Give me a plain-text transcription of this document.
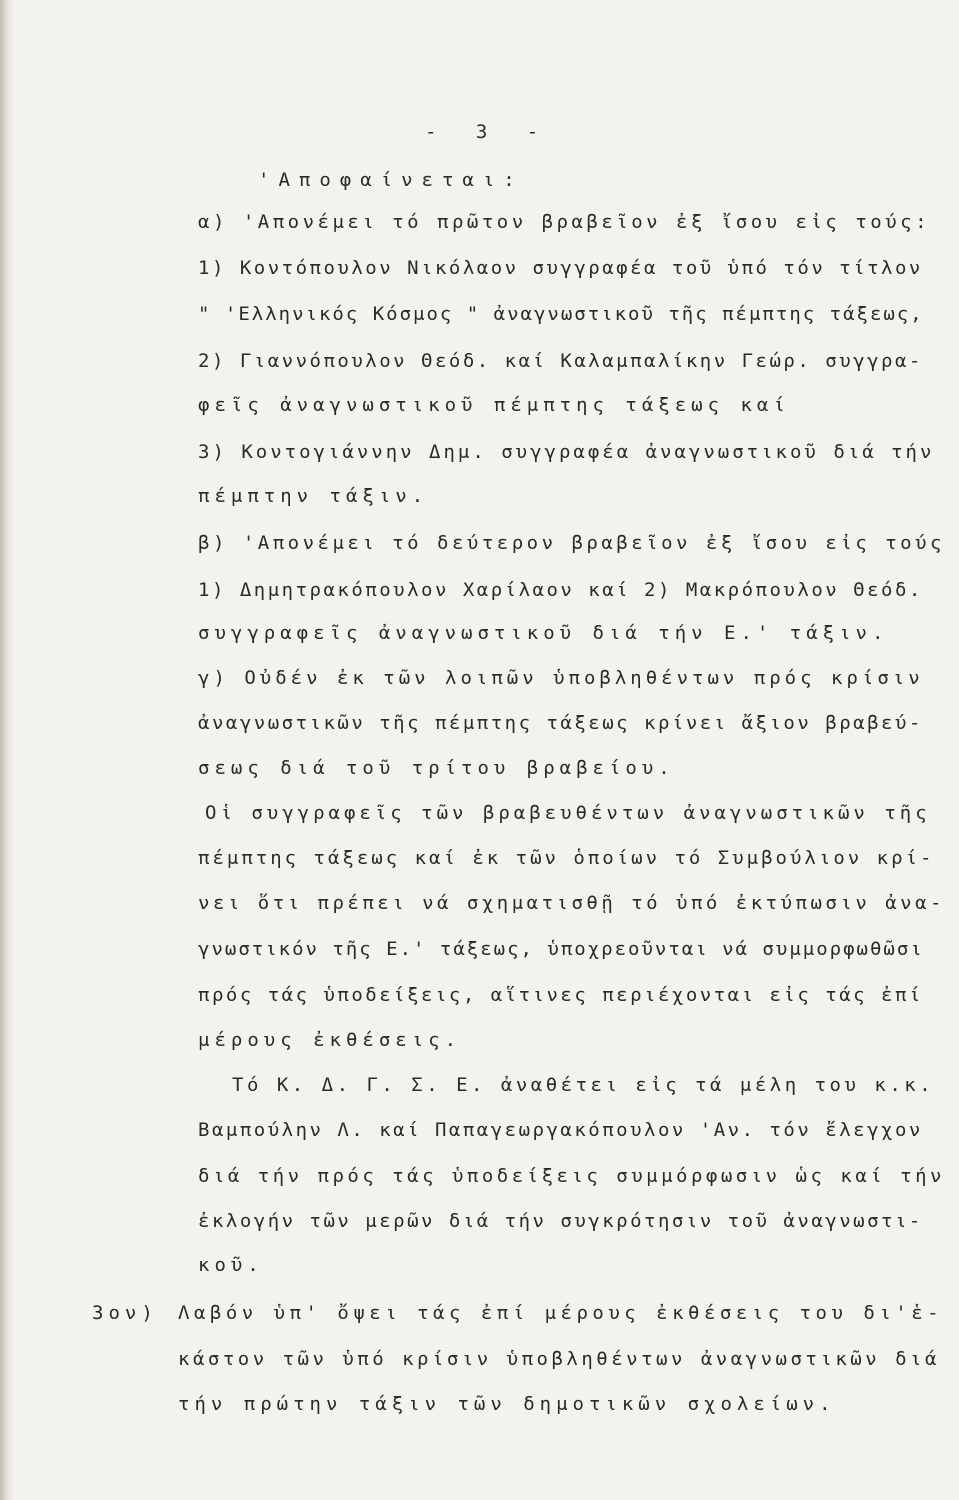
- 3 -
'Αποφαίνεται:
α) 'Απονέμει τό πρῶτον βραβεῖον ἐξ ἴσου εἰς τούς:
1) Κοντόπουλον Νικόλαον συγγραφέα τοῦ ὑπό τόν τίτλον
" 'Ελληνικός Κόσμος " ἀναγνωστικοῦ τῆς πέμπτης τάξεως,
2) Γιαννόπουλον Θεόδ. καί Καλαμπαλίκην Γεώρ. συγγρα-
φεῖς ἀναγνωστικοῦ πέμπτης τάξεως καί
3) Κοντογιάννην Δημ. συγγραφέα ἀναγνωστικοῦ διά τήν
πέμπτην τάξιν.
β) 'Απονέμει τό δεύτερον βραβεῖον ἐξ ἴσου εἰς τούς
1) Δημητρακόπουλον Χαρίλαον καί 2) Μακρόπουλον Θεόδ.
συγγραφεῖς ἀναγνωστικοῦ διά τήν Ε.' τάξιν.
γ) Οὐδέν ἐκ τῶν λοιπῶν ὑποβληθέντων πρός κρίσιν
ἀναγνωστικῶν τῆς πέμπτης τάξεως κρίνει ἄξιον βραβεύ-
σεως διά τοῦ τρίτου βραβείου.
Οἱ συγγραφεῖς τῶν βραβευθέντων ἀναγνωστικῶν τῆς
πέμπτης τάξεως καί ἐκ τῶν ὁποίων τό Συμβούλιον κρί-
νει ὅτι πρέπει νά σχηματισθῇ τό ὑπό ἐκτύπωσιν ἀνα-
γνωστικόν τῆς Ε.' τάξεως, ὑποχρεοῦνται νά συμμορφωθῶσι
πρός τάς ὑποδείξεις, αἵτινες περιέχονται εἰς τάς ἐπί
μέρους ἐκθέσεις.
Τό Κ. Δ. Γ. Σ. Ε. ἀναθέτει εἰς τά μέλη του κ.κ.
Βαμπούλην Λ. καί Παπαγεωργακόπουλον 'Αν. τόν ἔλεγχον
διά τήν πρός τάς ὑποδείξεις συμμόρφωσιν ὡς καί τήν
ἐκλογήν τῶν μερῶν διά τήν συγκρότησιν τοῦ ἀναγνωστι-
κοῦ.
3ον) Λαβόν ὑπ' ὄψει τάς ἐπί μέρους ἐκθέσεις του δι'ἑ-
κάστον τῶν ὑπό κρίσιν ὑποβληθέντων ἀναγνωστικῶν διά
τήν πρώτην τάξιν τῶν δημοτικῶν σχολείων.
